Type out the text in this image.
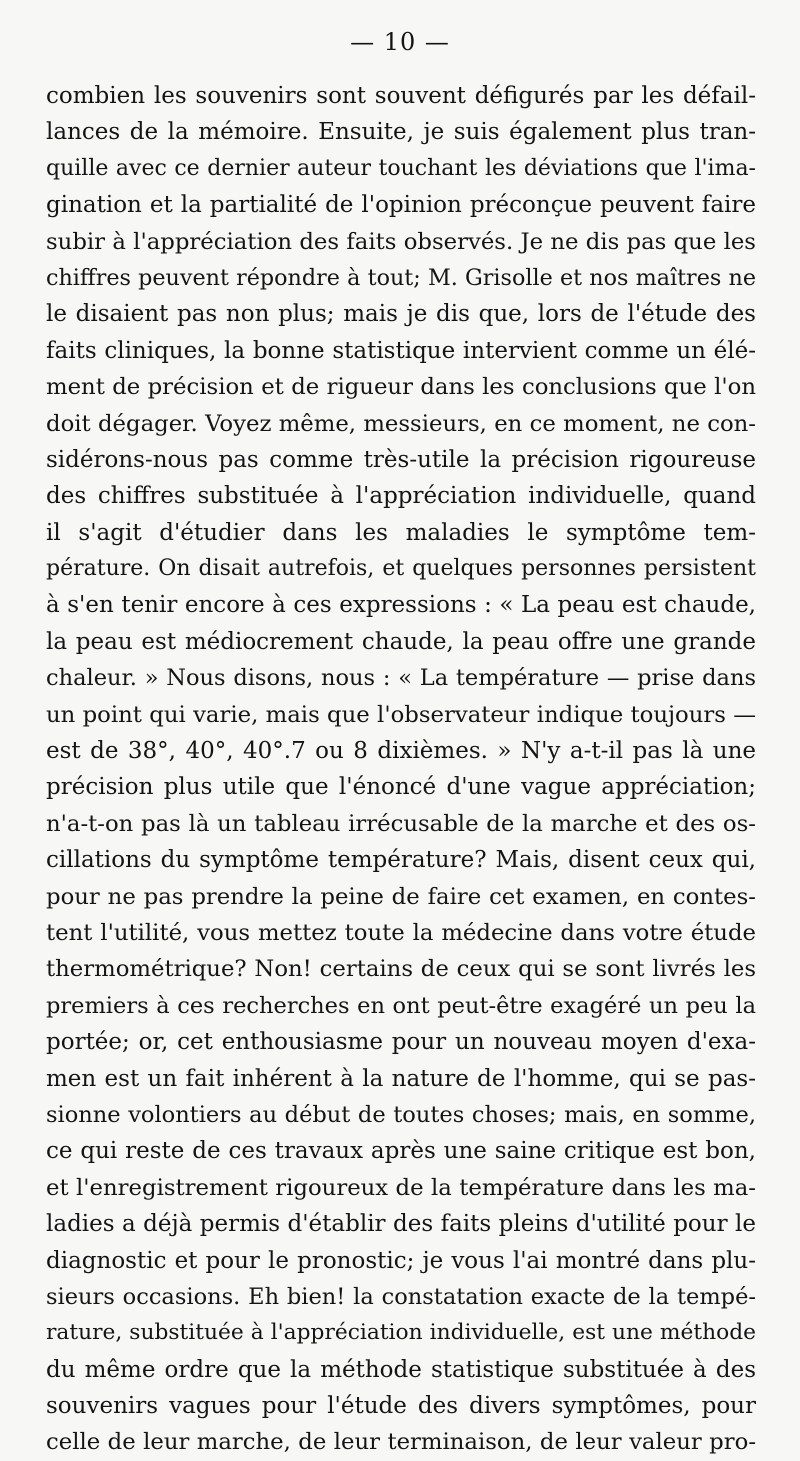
— 10 —
combien les souvenirs sont souvent défigurés par les défail-
lances de la mémoire. Ensuite, je suis également plus tran-
quille avec ce dernier auteur touchant les déviations que l'ima-
gination et la partialité de l'opinion préconçue peuvent faire
subir à l'appréciation des faits observés. Je ne dis pas que les
chiffres peuvent répondre à tout; M. Grisolle et nos maîtres ne
le disaient pas non plus; mais je dis que, lors de l'étude des
faits cliniques, la bonne statistique intervient comme un élé-
ment de précision et de rigueur dans les conclusions que l'on
doit dégager. Voyez même, messieurs, en ce moment, ne con-
sidérons-nous pas comme très-utile la précision rigoureuse
des chiffres substituée à l'appréciation individuelle, quand
il s'agit d'étudier dans les maladies le symptôme tem-
pérature. On disait autrefois, et quelques personnes persistent
à s'en tenir encore à ces expressions : « La peau est chaude,
la peau est médiocrement chaude, la peau offre une grande
chaleur. » Nous disons, nous : « La température — prise dans
un point qui varie, mais que l'observateur indique toujours —
est de 38°, 40°, 40°.7 ou 8 dixièmes. » N'y a-t-il pas là une
précision plus utile que l'énoncé d'une vague appréciation;
n'a-t-on pas là un tableau irrécusable de la marche et des os-
cillations du symptôme température? Mais, disent ceux qui,
pour ne pas prendre la peine de faire cet examen, en contes-
tent l'utilité, vous mettez toute la médecine dans votre étude
thermométrique? Non! certains de ceux qui se sont livrés les
premiers à ces recherches en ont peut-être exagéré un peu la
portée; or, cet enthousiasme pour un nouveau moyen d'exa-
men est un fait inhérent à la nature de l'homme, qui se pas-
sionne volontiers au début de toutes choses; mais, en somme,
ce qui reste de ces travaux après une saine critique est bon,
et l'enregistrement rigoureux de la température dans les ma-
ladies a déjà permis d'établir des faits pleins d'utilité pour le
diagnostic et pour le pronostic; je vous l'ai montré dans plu-
sieurs occasions. Eh bien! la constatation exacte de la tempé-
rature, substituée à l'appréciation individuelle, est une méthode
du même ordre que la méthode statistique substituée à des
souvenirs vagues pour l'étude des divers symptômes, pour
celle de leur marche, de leur terminaison, de leur valeur pro-
